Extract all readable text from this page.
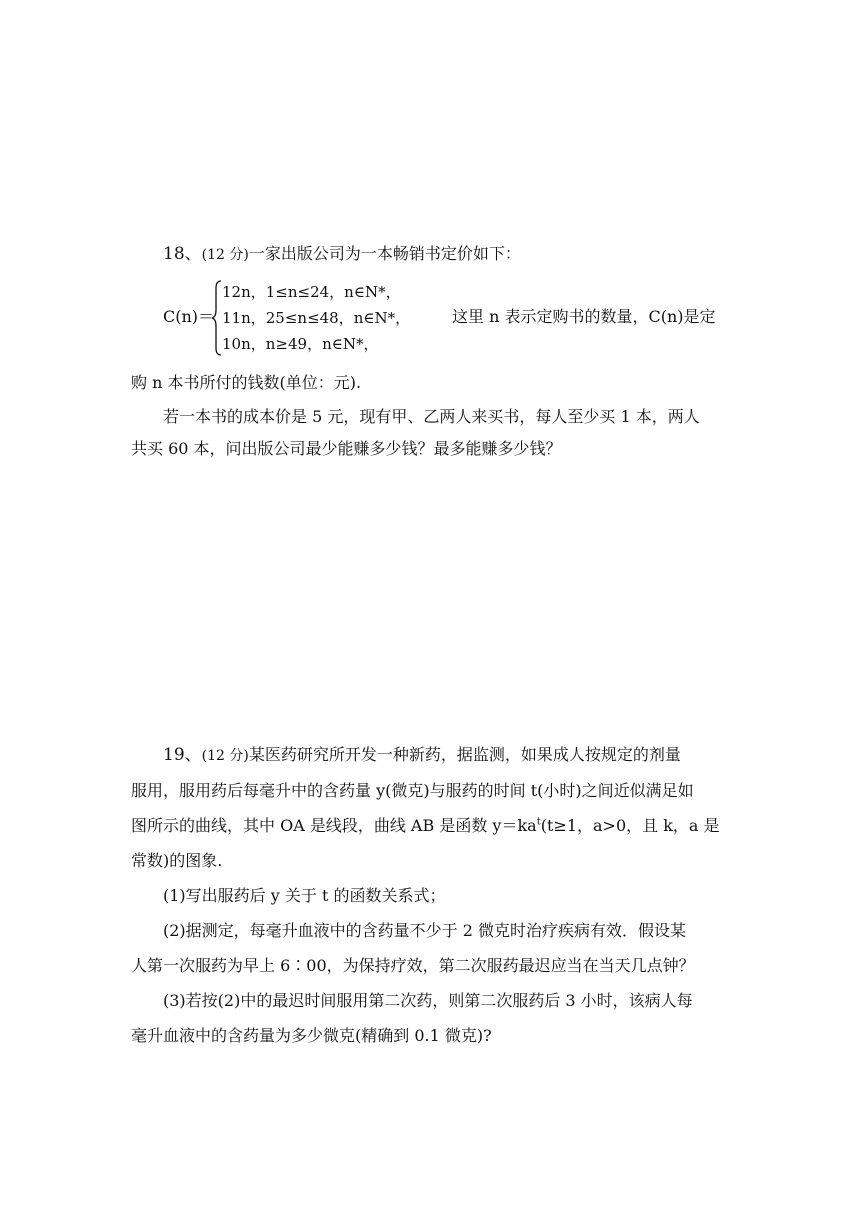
18、(12 分)一家出版公司为一本畅销书定价如下：
C(n)＝
12n，1≤n≤24，n∈N*，
11n，25≤n≤48，n∈N*，
10n，n≥49，n∈N*，
这里 n 表示定购书的数量，C(n)是定
购 n 本书所付的钱数(单位：元).
若一本书的成本价是 5 元，现有甲、乙两人来买书，每人至少买 1 本，两人
共买 60 本，问出版公司最少能赚多少钱？最多能赚多少钱？
19、(12 分)某医药研究所开发一种新药，据监测，如果成人按规定的剂量
服用，服用药后每毫升中的含药量 y(微克)与服药的时间 t(小时)之间近似满足如
图所示的曲线，其中 OA 是线段，曲线 AB 是函数 $y=ka^t(t\ge 1$，a>0，且 k，a 是
常数)的图象.
(1)写出服药后 y 关于 t 的函数关系式；
(2)据测定，每毫升血液中的含药量不少于 2 微克时治疗疾病有效．假设某
人第一次服药为早上 6∶00，为保持疗效，第二次服药最迟应当在当天几点钟？
(3)若按(2)中的最迟时间服用第二次药，则第二次服药后 3 小时，该病人每
毫升血液中的含药量为多少微克(精确到 0.1 微克)?
